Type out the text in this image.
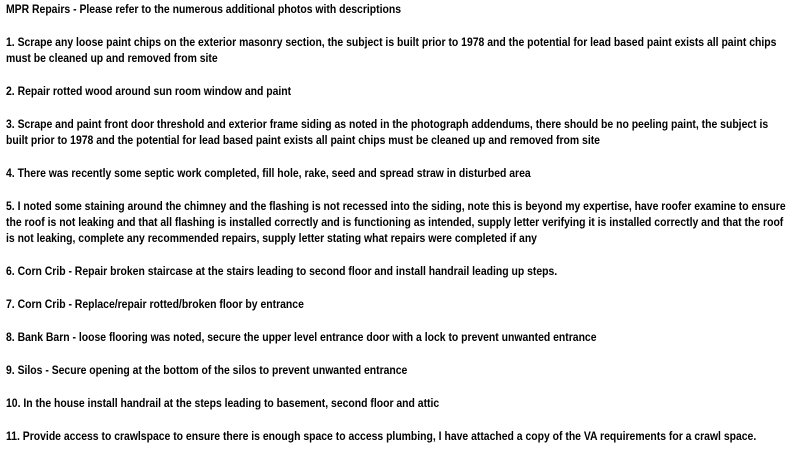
MPR Repairs - Please refer to the numerous additional photos with descriptions

1. Scrape any loose paint chips on the exterior masonry section, the subject is built prior to 1978 and the potential for lead based paint exists all paint chips must be cleaned up and removed from site

2. Repair rotted wood around sun room window and paint

3. Scrape and paint front door threshold and exterior frame siding as noted in the photograph addendums, there should be no peeling paint, the subject is built prior to 1978 and the potential for lead based paint exists all paint chips must be cleaned up and removed from site

4. There was recently some septic work completed, fill hole, rake, seed and spread straw in disturbed area

5. I noted some staining around the chimney and the flashing is not recessed into the siding, note this is beyond my expertise, have roofer examine to ensure the roof is not leaking and that all flashing is installed correctly and is functioning as intended, supply letter verifying it is installed correctly and that the roof is not leaking, complete any recommended repairs, supply letter stating what repairs were completed if any

6. Corn Crib - Repair broken staircase at the stairs leading to second floor and install handrail leading up steps.

7. Corn Crib - Replace/repair rotted/broken floor by entrance

8. Bank Barn - loose flooring was noted, secure the upper level entrance door with a lock to prevent unwanted entrance

9. Silos - Secure opening at the bottom of the silos to prevent unwanted entrance

10. In the house install handrail at the steps leading to basement, second floor and attic

11. Provide access to crawlspace to ensure there is enough space to access plumbing, I have attached a copy of the VA requirements for a crawl space.
